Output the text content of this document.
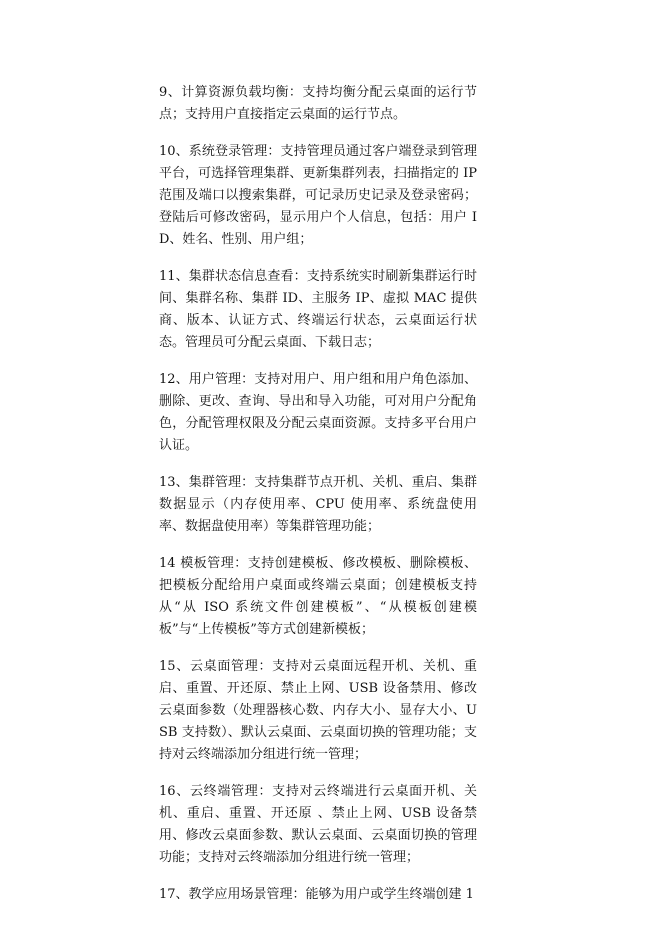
9、计算资源负载均衡：支持均衡分配云桌面的运行节点；支持用户直接指定云桌面的运行节点。

10、系统登录管理：支持管理员通过客户端登录到管理平台，可选择管理集群、更新集群列表，扫描指定的 IP 范围及端口以搜索集群，可记录历史记录及登录密码；登陆后可修改密码，显示用户个人信息，包括：用户 ID、姓名、性别、用户组；

11、集群状态信息查看：支持系统实时刷新集群运行时间、集群名称、集群 ID、主服务 IP、虚拟 MAC 提供商、版本、认证方式、终端运行状态，云桌面运行状态。管理员可分配云桌面、下载日志；

12、用户管理：支持对用户、用户组和用户角色添加、删除、更改、查询、导出和导入功能，可对用户分配角色，分配管理权限及分配云桌面资源。支持多平台用户认证。

13、集群管理：支持集群节点开机、关机、重启、集群数据显示（内存使用率、CPU 使用率、系统盘使用率、数据盘使用率）等集群管理功能；

14 模板管理：支持创建模板、修改模板、删除模板、把模板分配给用户桌面或终端云桌面；创建模板支持从“从 ISO 系统文件创建模板”、“从模板创建模板”与“上传模板”等方式创建新模板；

15、云桌面管理：支持对云桌面远程开机、关机、重启、重置、开还原、禁止上网、USB 设备禁用、修改云桌面参数（处理器核心数、内存大小、显存大小、USB 支持数）、默认云桌面、云桌面切换的管理功能；支持对云终端添加分组进行统一管理；

16、云终端管理：支持对云终端进行云桌面开机、关机、重启、重置、开还原 、禁止上网、USB 设备禁用、修改云桌面参数、默认云桌面、云桌面切换的管理功能；支持对云终端添加分组进行统一管理；

17、教学应用场景管理：能够为用户或学生终端创建 1
